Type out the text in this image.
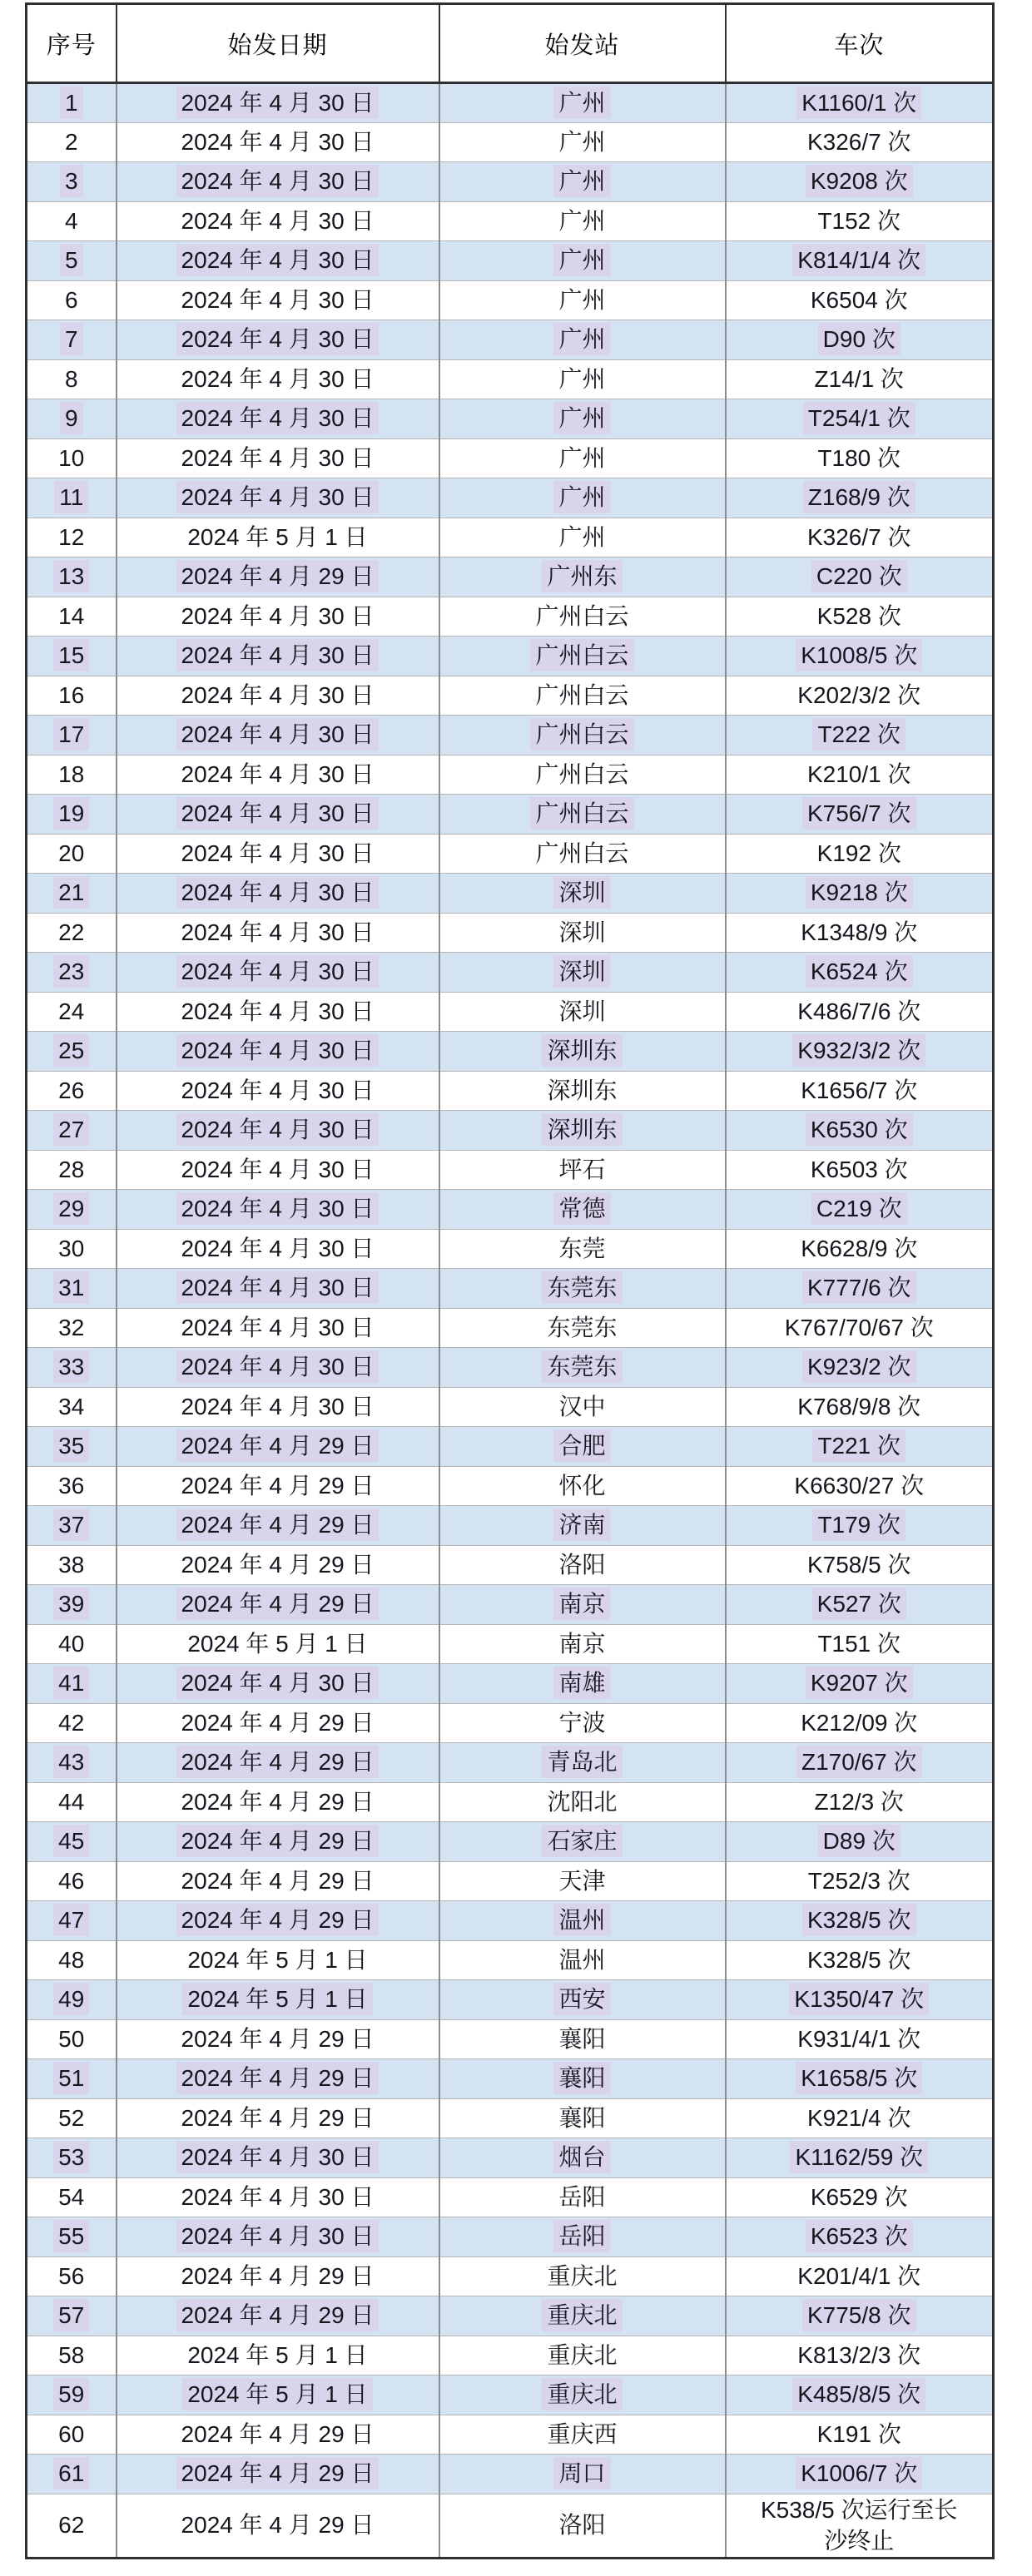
序号	始发日期	始发站	车次
1	2024 年 4 月 30 日	广州	K1160/1 次
2	2024 年 4 月 30 日	广州	K326/7 次
3	2024 年 4 月 30 日	广州	K9208 次
4	2024 年 4 月 30 日	广州	T152 次
5	2024 年 4 月 30 日	广州	K814/1/4 次
6	2024 年 4 月 30 日	广州	K6504 次
7	2024 年 4 月 30 日	广州	D90 次
8	2024 年 4 月 30 日	广州	Z14/1 次
9	2024 年 4 月 30 日	广州	T254/1 次
10	2024 年 4 月 30 日	广州	T180 次
11	2024 年 4 月 30 日	广州	Z168/9 次
12	2024 年 5 月 1 日	广州	K326/7 次
13	2024 年 4 月 29 日	广州东	C220 次
14	2024 年 4 月 30 日	广州白云	K528 次
15	2024 年 4 月 30 日	广州白云	K1008/5 次
16	2024 年 4 月 30 日	广州白云	K202/3/2 次
17	2024 年 4 月 30 日	广州白云	T222 次
18	2024 年 4 月 30 日	广州白云	K210/1 次
19	2024 年 4 月 30 日	广州白云	K756/7 次
20	2024 年 4 月 30 日	广州白云	K192 次
21	2024 年 4 月 30 日	深圳	K9218 次
22	2024 年 4 月 30 日	深圳	K1348/9 次
23	2024 年 4 月 30 日	深圳	K6524 次
24	2024 年 4 月 30 日	深圳	K486/7/6 次
25	2024 年 4 月 30 日	深圳东	K932/3/2 次
26	2024 年 4 月 30 日	深圳东	K1656/7 次
27	2024 年 4 月 30 日	深圳东	K6530 次
28	2024 年 4 月 30 日	坪石	K6503 次
29	2024 年 4 月 30 日	常德	C219 次
30	2024 年 4 月 30 日	东莞	K6628/9 次
31	2024 年 4 月 30 日	东莞东	K777/6 次
32	2024 年 4 月 30 日	东莞东	K767/70/67 次
33	2024 年 4 月 30 日	东莞东	K923/2 次
34	2024 年 4 月 30 日	汉中	K768/9/8 次
35	2024 年 4 月 29 日	合肥	T221 次
36	2024 年 4 月 29 日	怀化	K6630/27 次
37	2024 年 4 月 29 日	济南	T179 次
38	2024 年 4 月 29 日	洛阳	K758/5 次
39	2024 年 4 月 29 日	南京	K527 次
40	2024 年 5 月 1 日	南京	T151 次
41	2024 年 4 月 30 日	南雄	K9207 次
42	2024 年 4 月 29 日	宁波	K212/09 次
43	2024 年 4 月 29 日	青岛北	Z170/67 次
44	2024 年 4 月 29 日	沈阳北	Z12/3 次
45	2024 年 4 月 29 日	石家庄	D89 次
46	2024 年 4 月 29 日	天津	T252/3 次
47	2024 年 4 月 29 日	温州	K328/5 次
48	2024 年 5 月 1 日	温州	K328/5 次
49	2024 年 5 月 1 日	西安	K1350/47 次
50	2024 年 4 月 29 日	襄阳	K931/4/1 次
51	2024 年 4 月 29 日	襄阳	K1658/5 次
52	2024 年 4 月 29 日	襄阳	K921/4 次
53	2024 年 4 月 30 日	烟台	K1162/59 次
54	2024 年 4 月 30 日	岳阳	K6529 次
55	2024 年 4 月 30 日	岳阳	K6523 次
56	2024 年 4 月 29 日	重庆北	K201/4/1 次
57	2024 年 4 月 29 日	重庆北	K775/8 次
58	2024 年 5 月 1 日	重庆北	K813/2/3 次
59	2024 年 5 月 1 日	重庆北	K485/8/5 次
60	2024 年 4 月 29 日	重庆西	K191 次
61	2024 年 4 月 29 日	周口	K1006/7 次
62	2024 年 4 月 29 日	洛阳	K538/5 次运行至长沙终止
